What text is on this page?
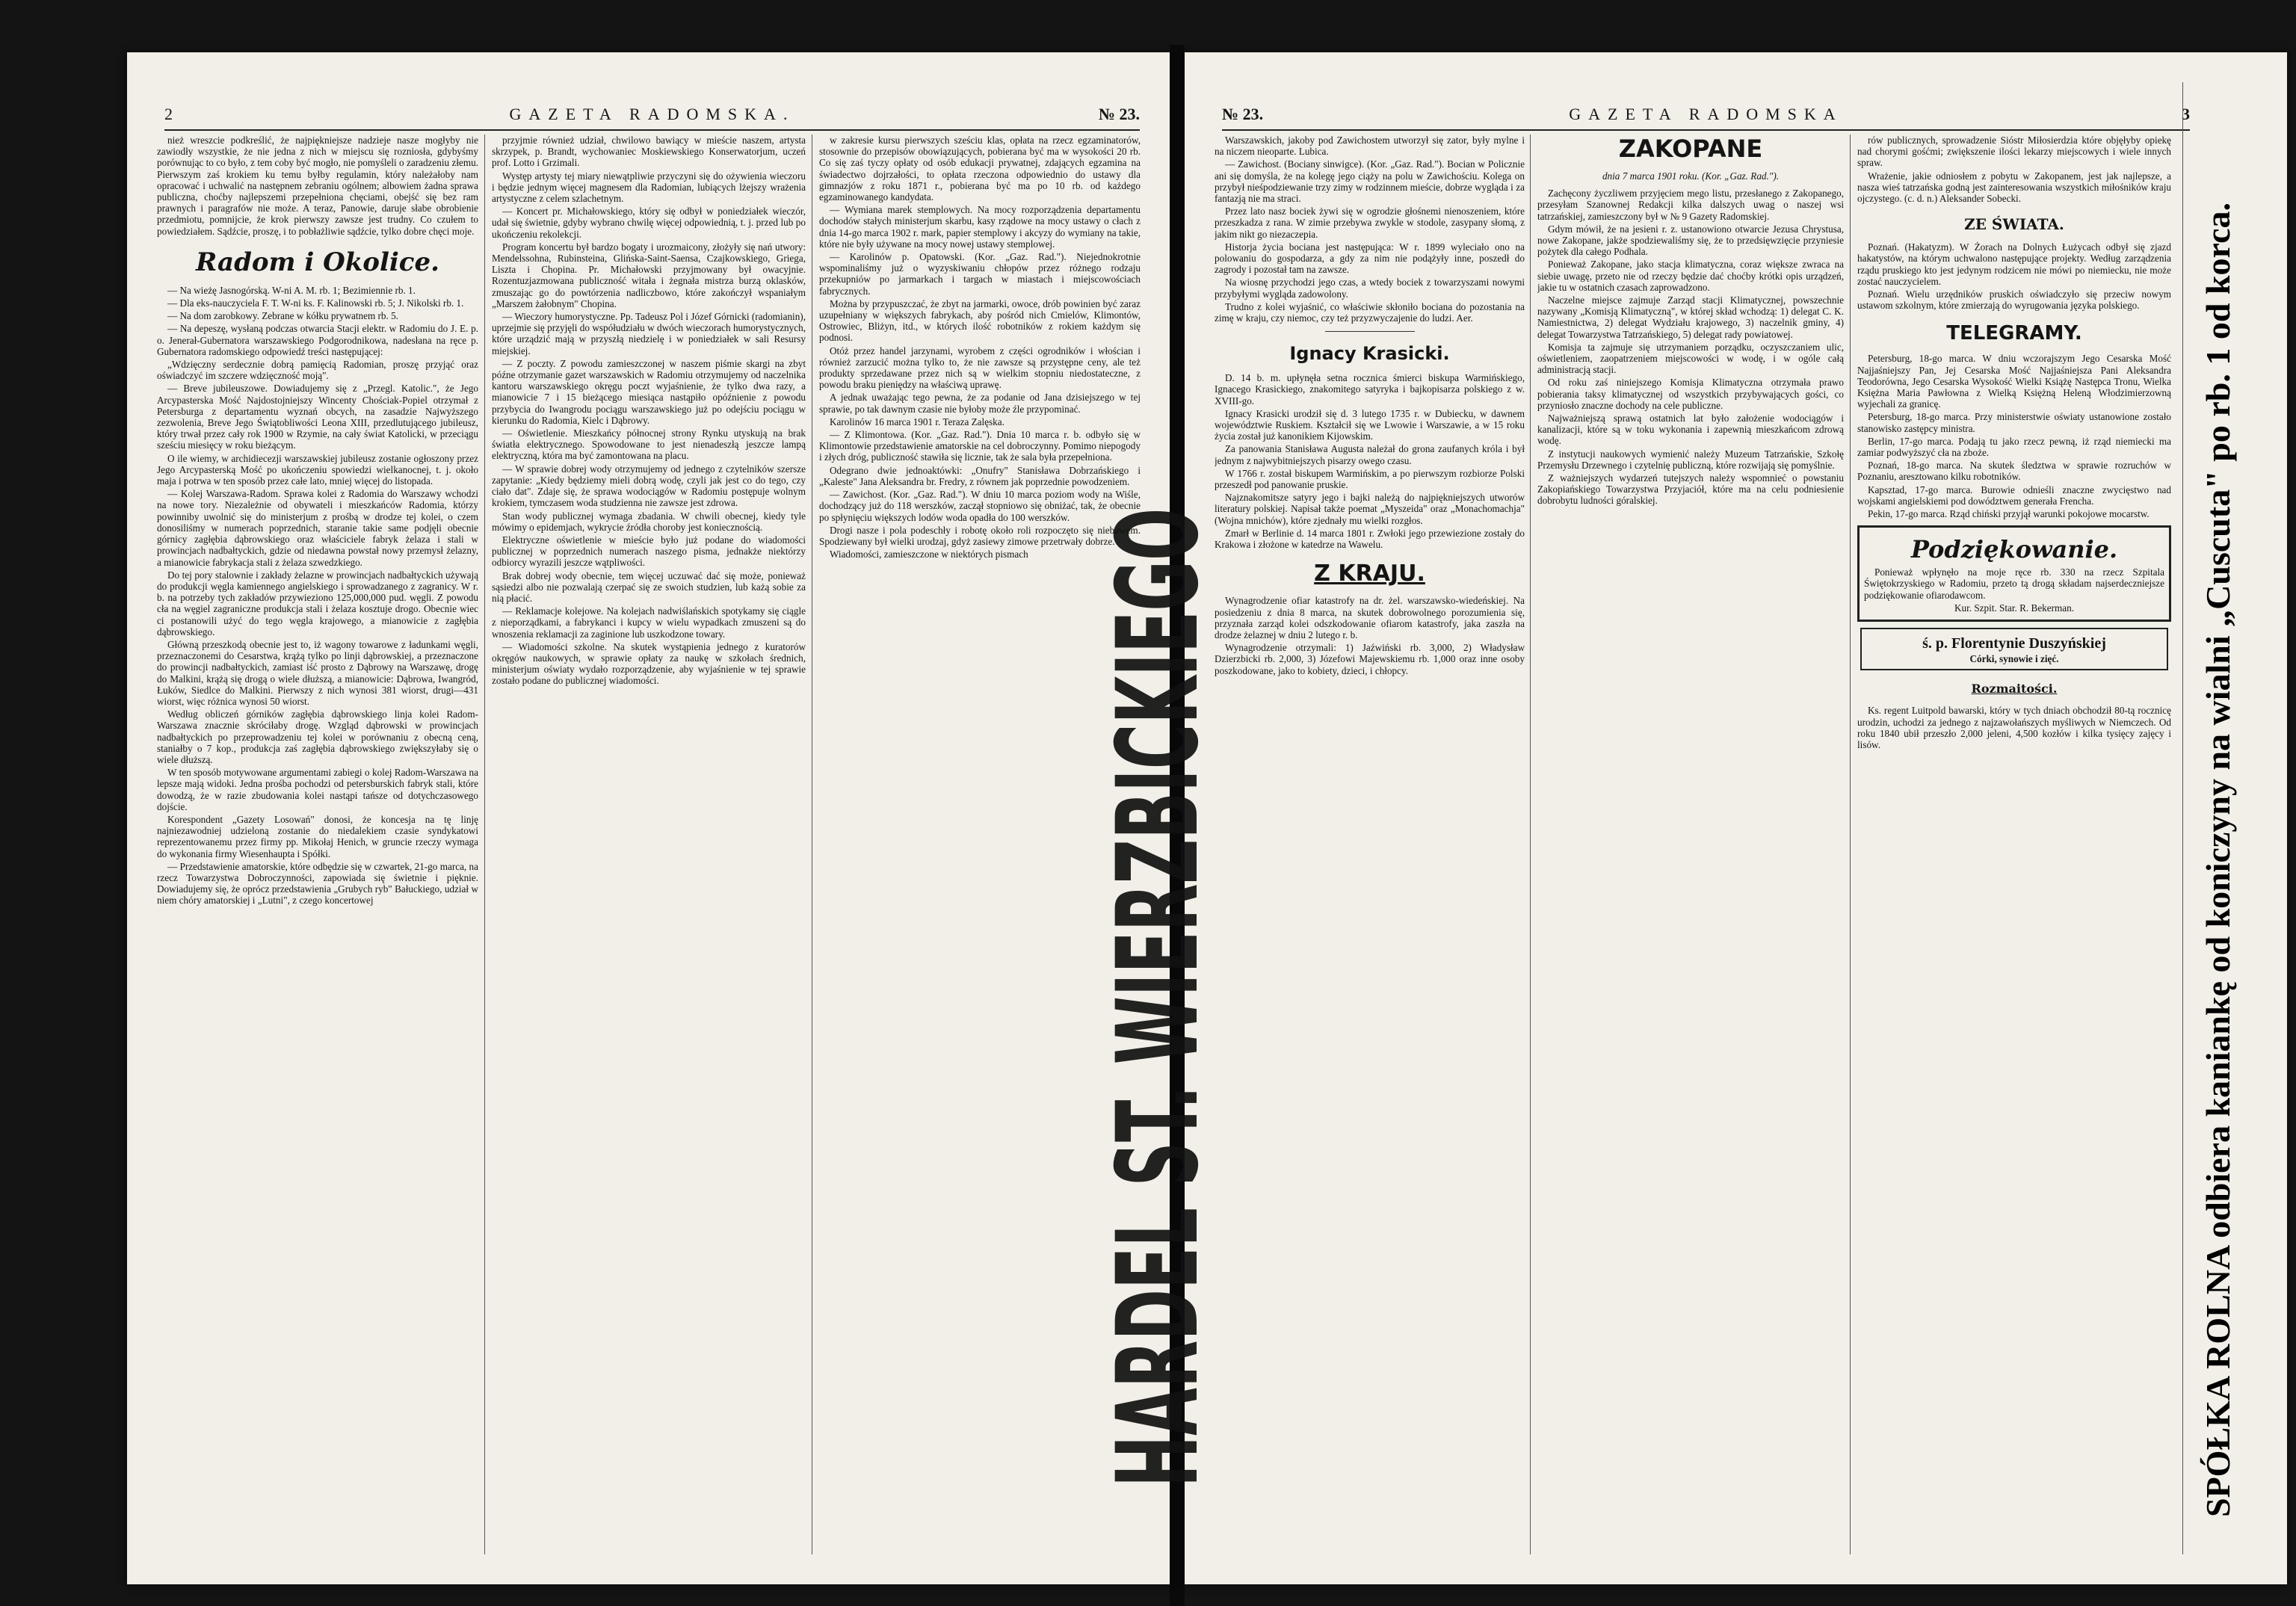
2	GAZETA RADOMSKA.	№ 23.

nież wreszcie podkreślić, że najpiękniejsze nadzieje nasze mogłyby nie zawiodły wszystkie, że nie jedna z nich w miejscu się rozniosła, gdybyśmy porównując to co było, z tem coby być mogło, nie pomyśleli o zaradzeniu złemu. Pierwszym zaś krokiem ku temu byłby regulamin, który należałoby nam opracować i uchwalić na następnem zebraniu ogólnem; albowiem żadna sprawa publiczna, choćby najlepszemi przepełniona chęciami, obejść się bez ram prawnych i paragrafów nie może. A teraz, Panowie, daruje słabe obrobienie przedmiotu, pomnijcie, że krok pierwszy zawsze jest trudny. Co czułem to powiedziałem. Sądźcie, proszę, i to pobłażliwie sądźcie, tylko dobre chęci moje.

Radom i Okolice.

— Na wieżę Jasnogórską. W-ni A. M. rb. 1; Bezimiennie rb. 1.

— Dla eks-nauczyciela F. T. W-ni ks. F. Kalinowski rb. 5; J. Nikolski rb. 1.

— Na dom zarobkowy. Zebrane w kółku prywatnem rb. 5.

— Na depeszę, wysłaną podczas otwarcia Stacji elektr. w Radomiu do J. E. p. o. Jenerał-Gubernatora warszawskiego Podgorodnikowa, nadesłana na ręce p. Gubernatora radomskiego odpowiedź treści następującej:

„Wdzięczny serdecznie dobrą pamięcią Radomian, proszę przyjąć oraz oświadczyć im szczere wdzięczność moją".

— Breve jubileuszowe. Dowiadujemy się z „Przegl. Katolic.", że Jego Arcypasterska Mość Najdostojniejszy Wincenty Chościak-Popiel otrzymał z Petersburga z departamentu wyznań obcych, na zasadzie Najwyższego zezwolenia, Breve Jego Świątobliwości Leona XIII, przedlutującego jubileusz, który trwał przez cały rok 1900 w Rzymie, na cały świat Katolicki, w przeciągu sześciu miesięcy w roku bieżącym.

O ile wiemy, w archidiecezji warszawskiej jubileusz zostanie ogłoszony przez Jego Arcypasterską Mość po ukończeniu spowiedzi wielkanocnej, t. j. około maja i potrwa w ten sposób przez całe lato, mniej więcej do listopada.

— Kolej Warszawa-Radom. Sprawa kolei z Radomia do Warszawy wchodzi na nowe tory. Niezależnie od obywateli i mieszkańców Radomia, którzy powinniby uwolnić się do ministerjum z prośbą w drodze tej kolei, o czem donosiliśmy w numerach poprzednich, staranie takie same podjęli obecnie górnicy zagłębia dąbrowskiego oraz właściciele fabryk żelaza i stali w prowincjach nadbałtyckich, gdzie od niedawna powstał nowy przemysł żelazny, a mianowicie fabrykacja stali z żelaza szwedzkiego.

Do tej pory stalownie i zakłady żelazne w prowincjach nadbałtyckich używają do produkcji węgla kamiennego angielskiego i sprowadzanego z zagranicy. W r. b. na potrzeby tych zakładów przywieziono 125,000,000 pud. węgli. Z powodu cła na węgiel zagraniczne produkcja stali i żelaza kosztuje drogo. Obecnie wiec ci postanowili użyć do tego węgla krajowego, a mianowicie z zagłębia dąbrowskiego.

Główną przeszkodą obecnie jest to, iż wagony towarowe z ładunkami węgli, przeznaczonemi do Cesarstwa, krążą tylko po linji dąbrowskiej, a przeznaczone do prowincji nadbałtyckich, zamiast iść prosto z Dąbrowy na Warszawę, drogę do Malkini, krążą się drogą o wiele dłuższą, a mianowicie: Dąbrowa, Iwangród, Łuków, Siedlce do Malkini. Pierwszy z nich wynosi 381 wiorst, drugi—431 wiorst, więc różnica wynosi 50 wiorst.

Według obliczeń górników zagłębia dąbrowskiego linja kolei Radom-Warszawa znacznie skróciłaby drogę. Wzgląd dąbrowski w prowincjach nadbałtyckich po przeprowadzeniu tej kolei w porównaniu z obecną ceną, staniałby o 7 kop., produkcja zaś zagłębia dąbrowskiego zwiększyłaby się o wiele dłuższą.

W ten sposób motywowane argumentami zabiegi o kolej Radom-Warszawa na lepsze mają widoki. Jedna prośba pochodzi od petersburskich fabryk stali, które dowodzą, że w razie zbudowania kolei nastąpi tańsze od dotychczasowego dojście.

Korespondent „Gazety Losowań" donosi, że koncesja na tę linję najniezawodniej udzieloną zostanie do niedalekiem czasie syndykatowi reprezentowanemu przez firmy pp. Mikołaj Henich, w gruncie rzeczy wymaga do wykonania firmy Wiesenhaupta i Spółki.

— Przedstawienie amatorskie, które odbędzie się w czwartek, 21-go marca, na rzecz Towarzystwa Dobroczynności, zapowiada się świetnie i pięknie. Dowiadujemy się, że oprócz przedstawienia „Grubych ryb" Bałuckiego, udział w niem chóry amatorskiej i „Lutni", z czego koncertowej

przyjmie również udział, chwilowo bawiący w mieście naszem, artysta skrzypek, p. Brandt, wychowaniec Moskiewskiego Konserwatorjum, uczeń prof. Lotto i Grzimali.

Występ artysty tej miary niewątpliwie przyczyni się do ożywienia wieczoru i będzie jednym więcej magnesem dla Radomian, lubiących lżejszy wrażenia artystyczne z celem szlachetnym.

— Koncert pr. Michałowskiego, który się odbył w poniedziałek wieczór, udał się świetnie, gdyby wybrano chwilę więcej odpowiednią, t. j. przed lub po ukończeniu rekolekcji.

Program koncertu był bardzo bogaty i urozmaicony, złożyły się nań utwory: Mendelssohna, Rubinsteina, Glińska-Saint-Saensa, Czajkowskiego, Griega, Liszta i Chopina. Pr. Michałowski przyjmowany był owacyjnie. Rozentuzjazmowana publiczność witała i żegnała mistrza burzą oklasków, zmuszając go do powtórzenia nadliczbowo, które zakończył wspaniałym „Marszem żałobnym" Chopina.

— Wieczory humorystyczne. Pp. Tadeusz Pol i Józef Górnicki (radomianin), uprzejmie się przyjęli do współudziału w dwóch wieczorach humorystycznych, które urządzić mają w przyszłą niedzielę i w poniedziałek w sali Resursy miejskiej.

— Z poczty. Z powodu zamieszczonej w naszem piśmie skargi na zbyt późne otrzymanie gazet warszawskich w Radomiu otrzymujemy od naczelnika kantoru warszawskiego okręgu poczt wyjaśnienie, że tylko dwa razy, a mianowicie 7 i 15 bieżącego miesiąca nastąpiło opóźnienie z powodu przybycia do Iwangrodu pociągu warszawskiego już po odejściu pociągu w kierunku do Radomia, Kielc i Dąbrowy.

— Oświetlenie. Mieszkańcy północnej strony Rynku utyskują na brak światła elektrycznego. Spowodowane to jest nienadeszłą jeszcze lampą elektryczną, która ma być zamontowana na placu.

— W sprawie dobrej wody otrzymujemy od jednego z czytelników szersze zapytanie: „Kiedy będziemy mieli dobrą wodę, czyli jak jest co do tego, czy ciało dat". Zdaje się, że sprawa wodociągów w Radomiu postępuje wolnym krokiem, tymczasem woda studzienna nie zawsze jest zdrowa.

Stan wody publicznej wymaga zbadania. W chwili obecnej, kiedy tyle mówimy o epidemjach, wykrycie źródła choroby jest koniecznością.

Elektryczne oświetlenie w mieście było już podane do wiadomości publicznej w poprzednich numerach naszego pisma, jednakże niektórzy odbiorcy wyrazili jeszcze wątpliwości.

Brak dobrej wody obecnie, tem więcej uczuwać dać się może, ponieważ sąsiedzi albo nie pozwalają czerpać się ze swoich studzien, lub każą sobie za nią płacić.

— Reklamacje kolejowe. Na kolejach nadwiślańskich spotykamy się ciągle z nieporządkami, a fabrykanci i kupcy w wielu wypadkach zmuszeni są do wnoszenia reklamacji za zaginione lub uszkodzone towary.

— Wiadomości szkolne. Na skutek wystąpienia jednego z kuratorów okręgów naukowych, w sprawie opłaty za naukę w szkołach średnich, ministerjum oświaty wydało rozporządzenie, aby wyjaśnienie w tej sprawie zostało podane do publicznej wiadomości.

w zakresie kursu pierwszych sześciu klas, opłata na rzecz egzaminatorów, stosownie do przepisów obowiązujących, pobierana być ma w wysokości 20 rb. Co się zaś tyczy opłaty od osób edukacji prywatnej, zdających egzamina na świadectwo dojrzałości, to opłata rzeczona odpowiednio do ustawy dla gimnazjów z roku 1871 r., pobierana być ma po 10 rb. od każdego egzaminowanego kandydata.

— Wymiana marek stemplowych. Na mocy rozporządzenia departamentu dochodów stałych ministerjum skarbu, kasy rządowe na mocy ustawy o cłach z dnia 14-go marca 1902 r. mark, papier stemplowy i akcyzy do wymiany na takie, które nie były używane na mocy nowej ustawy stemplowej.

— Karolinów p. Opatowski. (Kor. „Gaz. Rad."). Niejednokrotnie wspominaliśmy już o wyzyskiwaniu chłopów przez różnego rodzaju przekupniów po jarmarkach i targach w miastach i miejscowościach fabrycznych.

Można by przypuszczać, że zbyt na jarmarki, owoce, drób powinien być zaraz uzupełniany w większych fabrykach, aby pośród nich Cmielów, Klimontów, Ostrowiec, Bliżyn, itd., w których ilość robotników z rokiem każdym się podnosi.

Otóż przez handel jarzynami, wyrobem z części ogrodników i włościan i również zarzucić można tylko to, że nie zawsze są przystępne ceny, ale też produkty sprzedawane przez nich są w wielkim stopniu niedostateczne, z powodu braku pieniędzy na właściwą uprawę.

A jednak uważając tego pewna, że za podanie od Jana dzisiejszego w tej sprawie, po tak dawnym czasie nie byłoby może źle przypominać.

Karolinów 16 marca 1901 r. Teraza Zalęska.

— Z Klimontowa. (Kor. „Gaz. Rad."). Dnia 10 marca r. b. odbyło się w Klimontowie przedstawienie amatorskie na cel dobroczynny. Pomimo niepogody i złych dróg, publiczność stawiła się licznie, tak że sala była przepełniona.

Odegrano dwie jednoaktówki: „Onufry" Stanisława Dobrzańskiego i „Kaleste" Jana Aleksandra br. Fredry, z równem jak poprzednie powodzeniem.

— Zawichost. (Kor. „Gaz. Rad."). W dniu 10 marca poziom wody na Wiśle, dochodzący już do 118 werszków, zaczął stopniowo się obniżać, tak, że obecnie po spłynięciu większych lodów woda opadła do 100 werszków.

Drogi nasze i pola podeschły i robotę około roli rozpoczęto się niebawem. Spodziewany był wielki urodzaj, gdyż zasiewy zimowe przetrwały dobrze.

Wiadomości, zamieszczone w niektórych pismach

№ 23.	GAZETA RADOMSKA	3

Warszawskich, jakoby pod Zawichostem utworzył się zator, były mylne i na niczem nieoparte. Lubica.

— Zawichost. (Bociany sinwigce). (Kor. „Gaz. Rad."). Bocian w Policznie ani się domyśla, że na kolegę jego ciąży na polu w Zawichościu. Kolega on przybył nieśpodziewanie trzy zimy w rodzinnem mieście, dobrze wygląda i za fantazją nie ma straci.

Przez lato nasz bociek żywi się w ogrodzie głośnemi nienoszeniem, które przeszkadza z rana. W zimie przebywa zwykle w stodole, zasypany słomą, z jakim nikt go niezaczepia.

Historja życia bociana jest następująca: W r. 1899 wyleciało ono na polowaniu do gospodarza, a gdy za nim nie podążyły inne, poszedł do zagrody i pozostał tam na zawsze.

Na wiosnę przychodzi jego czas, a wtedy bociek z towarzyszami nowymi przybyłymi wygląda zadowolony.

Trudno z kolei wyjaśnić, co właściwie skłoniło bociana do pozostania na zimę w kraju, czy niemoc, czy też przyzwyczajenie do ludzi. Aer.

Ignacy Krasicki.

D. 14 b. m. upłynęła setna rocznica śmierci biskupa Warmińskiego, Ignacego Krasickiego, znakomitego satyryka i bajkopisarza polskiego z w. XVIII-go.

Ignacy Krasicki urodził się d. 3 lutego 1735 r. w Dubiecku, w dawnem województwie Ruskiem. Kształcił się we Lwowie i Warszawie, a w 15 roku życia został już kanonikiem Kijowskim.

Za panowania Stanisława Augusta należał do grona zaufanych króla i był jednym z najwybitniejszych pisarzy owego czasu.

W 1766 r. został biskupem Warmińskim, a po pierwszym rozbiorze Polski przeszedł pod panowanie pruskie.

Najznakomitsze satyry jego i bajki należą do najpiękniejszych utworów literatury polskiej. Napisał także poemat „Myszeida" oraz „Monachomachja" (Wojna mnichów), które zjednały mu wielki rozgłos.

Zmarł w Berlinie d. 14 marca 1801 r. Zwłoki jego przewiezione zostały do Krakowa i złożone w katedrze na Wawelu.

Z KRAJU.

Wynagrodzenie ofiar katastrofy na dr. żel. warszawsko-wiedeńskiej. Na posiedzeniu z dnia 8 marca, na skutek dobrowolnego porozumienia się, przyznała zarząd kolei odszkodowanie ofiarom katastrofy, jaka zaszła na drodze żelaznej w dniu 2 lutego r. b.

Wynagrodzenie otrzymali: 1) Jaźwiński rb. 3,000, 2) Władysław Dzierzbicki rb. 2,000, 3) Józefowi Majewskiemu rb. 1,000 oraz inne osoby poszkodowane, jako to kobiety, dzieci, i chłopcy.

ZAKOPANE

dnia 7 marca 1901 roku. (Kor. „Gaz. Rad.").

Zachęcony życzliwem przyjęciem mego listu, przesłanego z Zakopanego, przesyłam Szanownej Redakcji kilka dalszych uwag o naszej wsi tatrzańskiej, zamieszczony był w № 9 Gazety Radomskiej.

Gdym mówił, że na jesieni r. z. ustanowiono otwarcie Jezusa Chrystusa, nowe Zakopane, jakże spodziewaliśmy się, że to przedsięwzięcie przyniesie pożytek dla całego Podhala.

Ponieważ Zakopane, jako stacja klimatyczna, coraz większe zwraca na siebie uwagę, przeto nie od rzeczy będzie dać choćby krótki opis urządzeń, jakie tu w ostatnich czasach zaprowadzono.

Naczelne miejsce zajmuje Zarząd stacji Klimatycznej, powszechnie nazywany „Komisją Klimatyczną", w której skład wchodzą: 1) delegat C. K. Namiestnictwa, 2) delegat Wydziału krajowego, 3) naczelnik gminy, 4) delegat Towarzystwa Tatrzańskiego, 5) delegat rady powiatowej.

Komisja ta zajmuje się utrzymaniem porządku, oczyszczaniem ulic, oświetleniem, zaopatrzeniem miejscowości w wodę, i w ogóle całą administracją stacji.

Od roku zaś niniejszego Komisja Klimatyczna otrzymała prawo pobierania taksy klimatycznej od wszystkich przybywających gości, co przyniosło znaczne dochody na cele publiczne.

Najważniejszą sprawą ostatnich lat było założenie wodociągów i kanalizacji, które są w toku wykonania i zapewnią mieszkańcom zdrową wodę.

Z instytucji naukowych wymienić należy Muzeum Tatrzańskie, Szkołę Przemysłu Drzewnego i czytelnię publiczną, które rozwijają się pomyślnie.

Z ważniejszych wydarzeń tutejszych należy wspomnieć o powstaniu Zakopiańskiego Towarzystwa Przyjaciół, które ma na celu podniesienie dobrobytu ludności góralskiej.

rów publicznych, sprowadzenie Sióstr Miłosierdzia które objęłyby opiekę nad chorymi gośćmi; zwiększenie ilości lekarzy miejscowych i wiele innych spraw.

Wrażenie, jakie odniosłem z pobytu w Zakopanem, jest jak najlepsze, a nasza wieś tatrzańska godną jest zainteresowania wszystkich miłośników kraju ojczystego. (c. d. n.) Aleksander Sobecki.

ZE ŚWIATA.

Poznań. (Hakatyzm). W Żorach na Dolnych Łużycach odbył się zjazd hakatystów, na którym uchwalono następujące projekty. Według zarządzenia rządu pruskiego kto jest jedynym rodzicem nie mówi po niemiecku, nie może zostać nauczycielem.

Poznań. Wielu urzędników pruskich oświadczyło się przeciw nowym ustawom szkolnym, które zmierzają do wyrugowania języka polskiego.

TELEGRAMY.

Petersburg, 18-go marca. W dniu wczorajszym Jego Cesarska Mość Najjaśniejszy Pan, Jej Cesarska Mość Najjaśniejsza Pani Aleksandra Teodorówna, Jego Cesarska Wysokość Wielki Książę Następca Tronu, Wielka Księżna Maria Pawłowna z Wielką Księżną Heleną Włodzimierzowną wyjechali za granicę.

Petersburg, 18-go marca. Przy ministerstwie oświaty ustanowione zostało stanowisko zastępcy ministra.

Berlin, 17-go marca. Podają tu jako rzecz pewną, iż rząd niemiecki ma zamiar podwyższyć cła na zboże.

Poznań, 18-go marca. Na skutek śledztwa w sprawie rozruchów w Poznaniu, aresztowano kilku robotników.

Kapsztad, 17-go marca. Burowie odnieśli znaczne zwycięstwo nad wojskami angielskiemi pod dowództwem generała Frencha.

Pekin, 17-go marca. Rząd chiński przyjął warunki pokojowe mocarstw.

Podziękowanie.

Ponieważ wpłynęło na moje ręce rb. 330 na rzecz Szpitala Świętokrzyskiego w Radomiu, przeto tą drogą składam najserdeczniejsze podziękowanie ofiarodawcom.

Kur. Szpit. Star. R. Bekerman.

ś. p. Florentynie Duszyńskiej
Córki, synowie i zięć.
Rozmaitości.

Ks. regent Luitpold bawarski, który w tych dniach obchodził 80-tą rocznicę urodzin, uchodzi za jednego z najzawołańszych myśliwych w Niemczech. Od roku 1840 ubił przeszło 2,000 jeleni, 4,500 kozłów i kilka tysięcy zajęcy i lisów.	SPÓŁKA ROLNA odbiera kaniankę od koniczyny na wialni „Cuscuta" po rb. 1 od korca.
HARDEL ST. WIERZBICKIEGO
